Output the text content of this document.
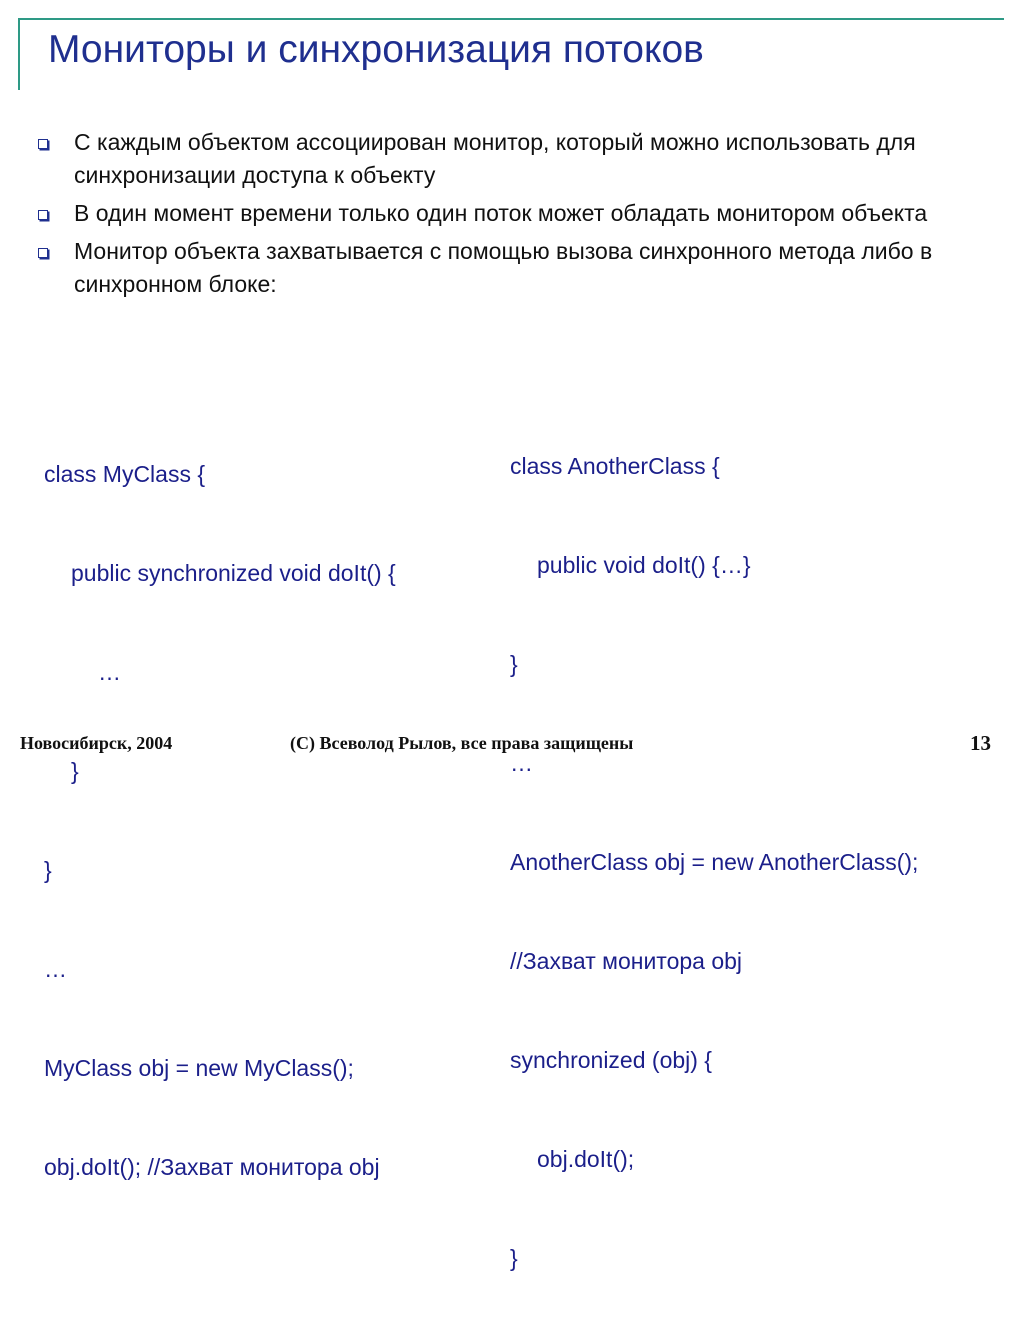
Мониторы и синхронизация потоков
С каждым объектом ассоциирован монитор, который можно использовать для синхронизации доступа к объекту
В один момент времени только один поток может обладать монитором объекта
Монитор объекта захватывается с помощью вызова синхронного метода либо в синхронном блоке:

class MyClass {

public synchronized void doIt() {

…

}

}

…

MyClass obj = new MyClass();

obj.doIt(); //Захват монитора obj

class AnotherClass {

public void doIt() {…}

}

…

AnotherClass obj = new AnotherClass();

//Захват монитора obj

synchronized (obj) {

obj.doIt();

}

Новосибирск, 2004	(С) Всеволод Рылов, все права защищены	13
